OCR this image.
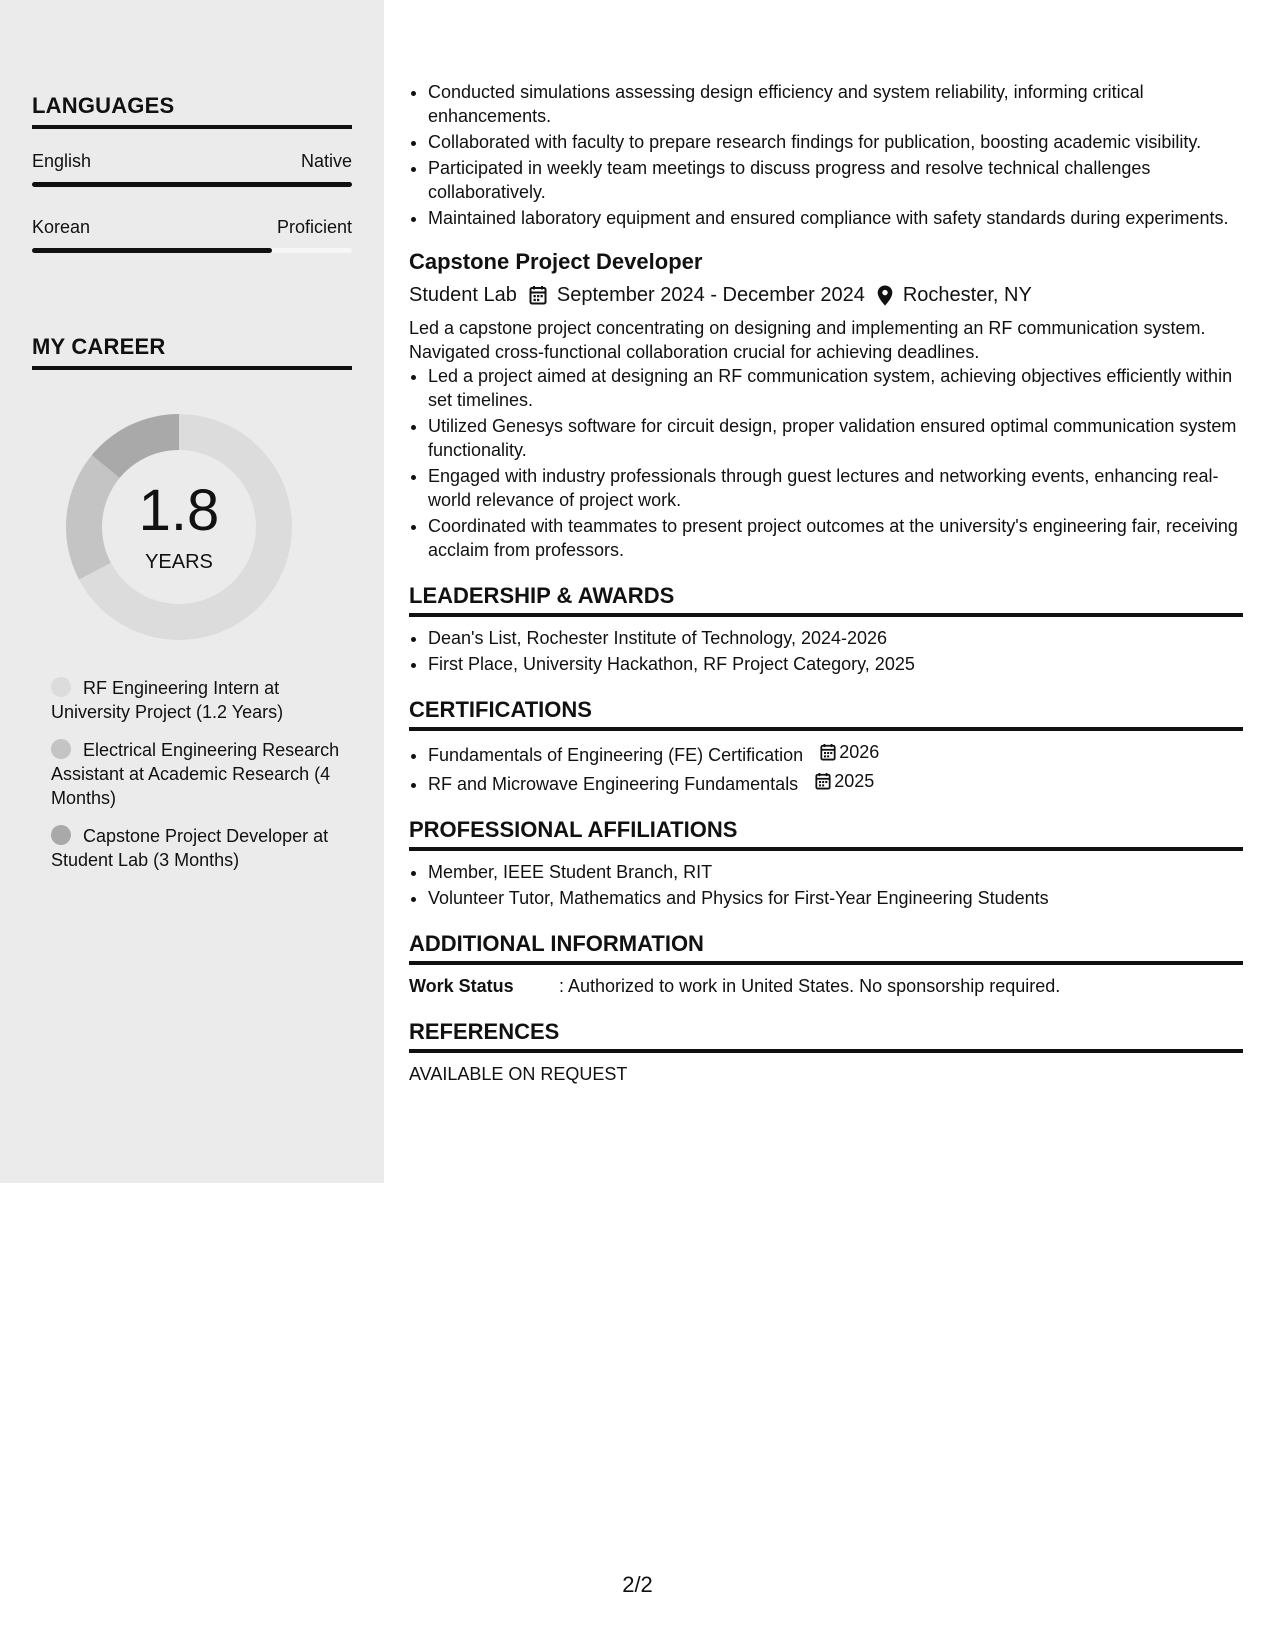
LANGUAGES
English	Native
Korean	Proficient
MY CAREER
1.8
YEARS
RF Engineering Intern at University Project (1.2 Years)
Electrical Engineering Research Assistant at Academic Research (4 Months)
Capstone Project Developer at Student Lab (3 Months)
• Conducted simulations assessing design efficiency and system reliability, informing critical enhancements.
• Collaborated with faculty to prepare research findings for publication, boosting academic visibility.
• Participated in weekly team meetings to discuss progress and resolve technical challenges collaboratively.
• Maintained laboratory equipment and ensured compliance with safety standards during experiments.
Capstone Project Developer
Student Lab September 2024 - December 2024 Rochester, NY
Led a capstone project concentrating on designing and implementing an RF communication system. Navigated cross-functional collaboration crucial for achieving deadlines.
• Led a project aimed at designing an RF communication system, achieving objectives efficiently within set timelines.
• Utilized Genesys software for circuit design, proper validation ensured optimal communication system functionality.
• Engaged with industry professionals through guest lectures and networking events, enhancing real-world relevance of project work.
• Coordinated with teammates to present project outcomes at the university's engineering fair, receiving acclaim from professors.
LEADERSHIP & AWARDS
• Dean's List, Rochester Institute of Technology, 2024-2026
• First Place, University Hackathon, RF Project Category, 2025
CERTIFICATIONS
• Fundamentals of Engineering (FE) Certification 2026
• RF and Microwave Engineering Fundamentals 2025
PROFESSIONAL AFFILIATIONS
• Member, IEEE Student Branch, RIT
• Volunteer Tutor, Mathematics and Physics for First-Year Engineering Students
ADDITIONAL INFORMATION
Work Status	: Authorized to work in United States. No sponsorship required.
REFERENCES
AVAILABLE ON REQUEST
2/2
